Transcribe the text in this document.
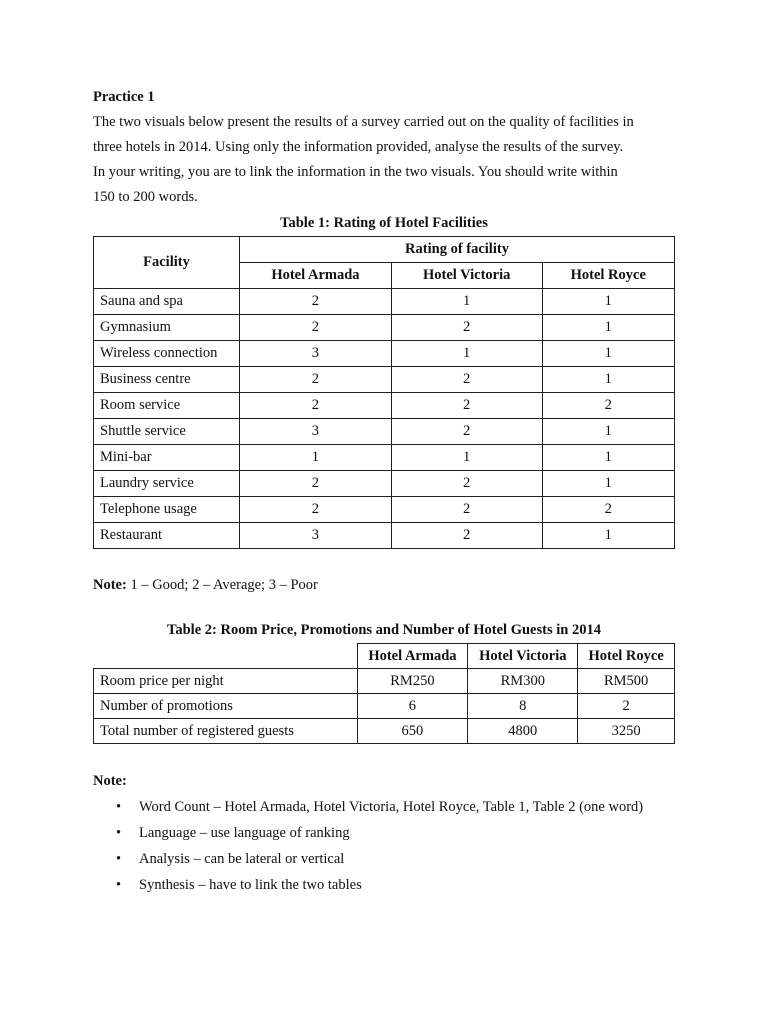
Practice 1

The two visuals below present the results of a survey carried out on the quality of facilities in

three hotels in 2014. Using only the information provided, analyse the results of the survey.

In your writing, you are to link the information in the two visuals. You should write within

150 to 200 words.

Table 1: Rating of Hotel Facilities
Facility	Rating of facility		
	Hotel Armada	Hotel Victoria	Hotel Royce
Sauna and spa	2	1	1
Gymnasium	2	2	1
Wireless connection	3	1	1
Business centre	2	2	1
Room service	2	2	2
Shuttle service	3	2	1
Mini-bar	1	1	1
Laundry service	2	2	1
Telephone usage	2	2	2
Restaurant	3	2	1
Note: 1 – Good; 2 – Average; 3 – Poor
Table 2: Room Price, Promotions and Number of Hotel Guests in 2014
	Hotel Armada	Hotel Victoria	Hotel Royce
Room price per night	RM250	RM300	RM500
Number of promotions	6	8	2
Total number of registered guests	650	4800	3250
Note:
• Word Count – Hotel Armada, Hotel Victoria, Hotel Royce, Table 1, Table 2 (one word)
• Language – use language of ranking
• Analysis – can be lateral or vertical
• Synthesis – have to link the two tables
